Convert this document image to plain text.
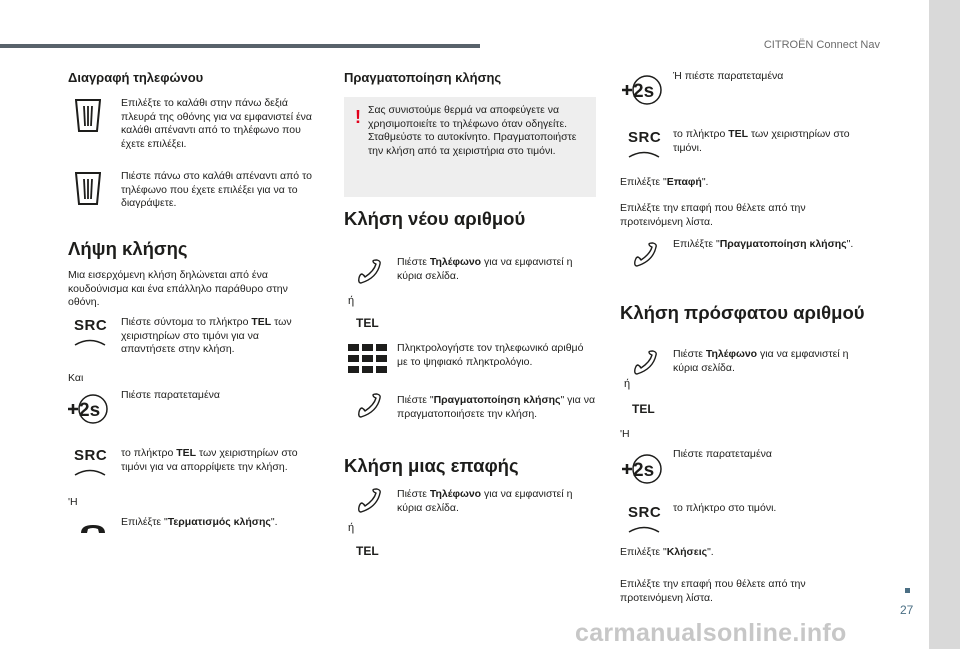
CITROËN Connect Nav
27
Διαγραφή τηλεφώνου
Επιλέξτε το καλάθι στην πάνω δεξιά πλευρά της οθόνης για να εμφανιστεί ένα καλάθι απέναντι από το τηλέφωνο που έχετε επιλέξει.
Πιέστε πάνω στο καλάθι απέναντι από το τηλέφωνο που έχετε επιλέξει για να το διαγράψετε.
Λήψη κλήσης
Μια εισερχόμενη κλήση δηλώνεται από ένα κουδούνισμα και ένα επάλληλο παράθυρο στην οθόνη.
SRC Πιέστε σύντομα το πλήκτρο TEL των χειριστηρίων στο τιμόνι για να απαντήσετε στην κλήση.
Και
2s
Πιέστε παρατεταμένα
SRC το πλήκτρο TEL των χειριστηρίων στο τιμόνι για να απορρίψετε την κλήση.
'Η
Επιλέξτε "Τερματισμός κλήσης".
Πραγματοποίηση κλήσης
! Σας συνιστούμε θερμά να αποφεύγετε να χρησιμοποιείτε το τηλέφωνο όταν οδηγείτε. Σταθμεύστε το αυτοκίνητο. Πραγματοποιήστε την κλήση από τα χειριστήρια στο τιμόνι.
Κλήση νέου αριθμού
Πιέστε Τηλέφωνο για να εμφανιστεί η κύρια σελίδα.
ή
TEL
Πληκτρολογήστε τον τηλεφωνικό αριθμό με το ψηφιακό πληκτρολόγιο.
Πιέστε "Πραγματοποίηση κλήσης" για να πραγματοποιήσετε την κλήση.
Κλήση μιας επαφής
Πιέστε Τηλέφωνο για να εμφανιστεί η κύρια σελίδα.
ή
TEL
2s
Ή πιέστε παρατεταμένα
SRC το πλήκτρο TEL των χειριστηρίων στο τιμόνι.
Επιλέξτε "Επαφή".
Επιλέξτε την επαφή που θέλετε από την προτεινόμενη λίστα.
Επιλέξτε "Πραγματοποίηση κλήσης".
Κλήση πρόσφατου αριθμού
Πιέστε Τηλέφωνο για να εμφανιστεί η κύρια σελίδα.
ή
TEL
'Η
2s
Πιέστε παρατεταμένα
SRC το πλήκτρο στο τιμόνι.
Επιλέξτε "Κλήσεις".
Επιλέξτε την επαφή που θέλετε από την προτεινόμενη λίστα.
carmanualsonline.info
